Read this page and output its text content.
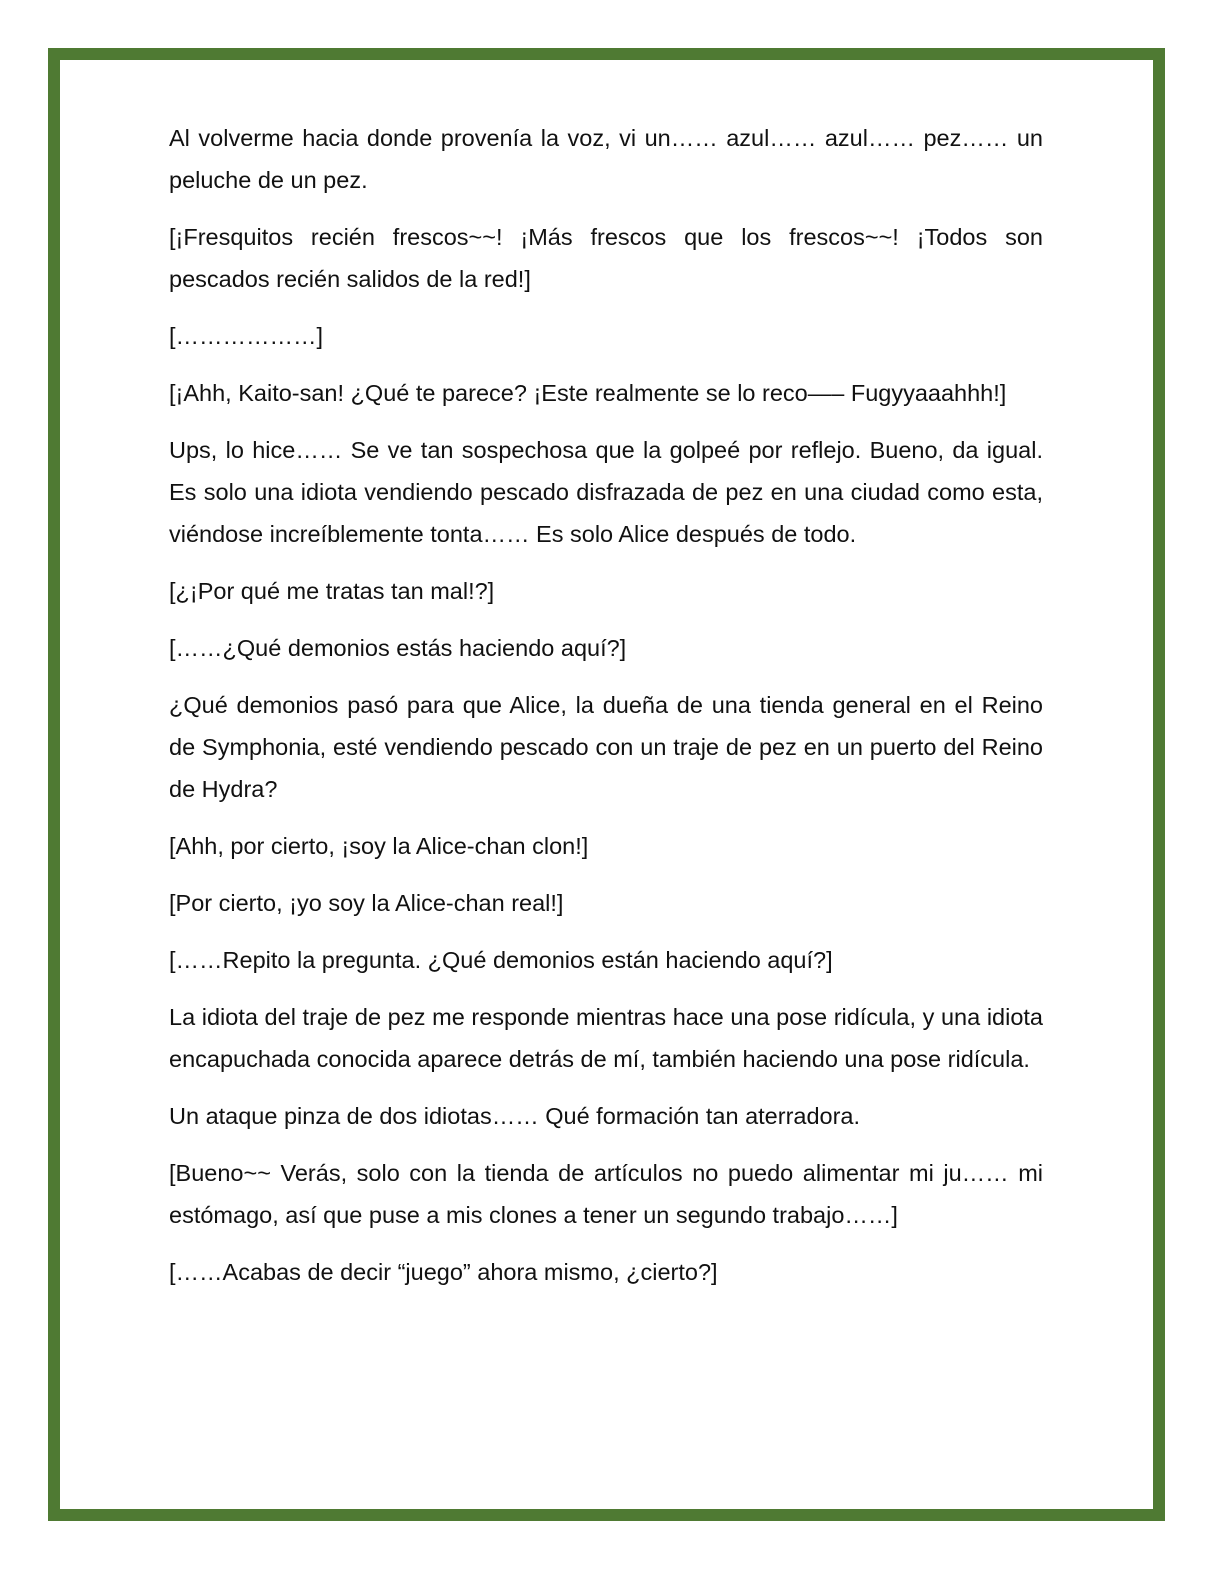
Al volverme hacia donde provenía la voz, vi un…… azul…… azul…… pez…… un peluche de un pez.

[¡Fresquitos recién frescos~~! ¡Más frescos que los frescos~~! ¡Todos son pescados recién salidos de la red!]

[………………]

[¡Ahh, Kaito-san! ¿Qué te parece? ¡Este realmente se lo reco—– Fugyyaaahhh!]

Ups, lo hice…… Se ve tan sospechosa que la golpeé por reflejo. Bueno, da igual. Es solo una idiota vendiendo pescado disfrazada de pez en una ciudad como esta, viéndose increíblemente tonta…… Es solo Alice después de todo.

[¿¡Por qué me tratas tan mal!?]

[……¿Qué demonios estás haciendo aquí?]

¿Qué demonios pasó para que Alice, la dueña de una tienda general en el Reino de Symphonia, esté vendiendo pescado con un traje de pez en un puerto del Reino de Hydra?

[Ahh, por cierto, ¡soy la Alice-chan clon!]

[Por cierto, ¡yo soy la Alice-chan real!]

[……Repito la pregunta. ¿Qué demonios están haciendo aquí?]

La idiota del traje de pez me responde mientras hace una pose ridícula, y una idiota encapuchada conocida aparece detrás de mí, también haciendo una pose ridícula.

Un ataque pinza de dos idiotas…… Qué formación tan aterradora.

[Bueno~~ Verás, solo con la tienda de artículos no puedo alimentar mi ju…… mi estómago, así que puse a mis clones a tener un segundo trabajo……]

[……Acabas de decir “juego” ahora mismo, ¿cierto?]
